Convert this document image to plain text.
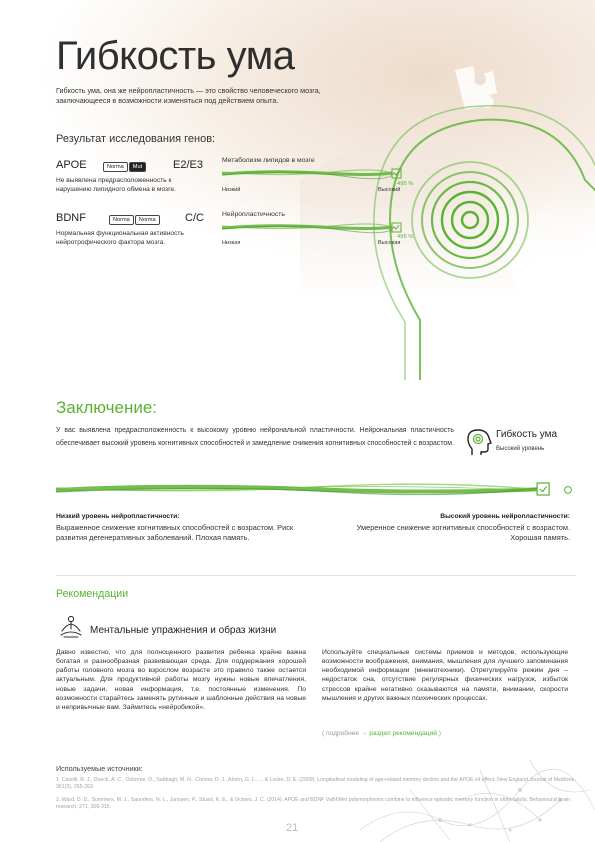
Гибкость ума
Гибкость ума, она же нейропластичность — это свойство человеческого мозга, заключающееся в возможности изменяться под действием опыта.
Результат исследования генов:
APOE	Norma Mut	E2/E3
Не выявлена предрасположенность к нарушению липидного обмена в мозге.
Метаболизм липидов в мозге
495 %
Низкий	Высокий
BDNF	Norma Norma	C/C
Нормальная функциональная активность нейротрофического фактора мозга.
Нейропластичность
495 %
Низкая	Высокая
Заключение:
У вас выявлена предрасположенность к высокому уровню нейрональной пластичности. Нейрональная пластичность обеспечивает высокий уровень когнитивных способностей и замедление снижения когнитивных способностей с возрастом.
Гибкость ума
Высокий уровень
Низкий уровень нейропластичности:
Выраженное снижение когнитивных способностей с возрастом. Риск развития дегенеративных заболеваний. Плохая память.
Высокий уровень нейропластичности:
Умеренное снижение когнитивных способностей с возрастом. Хорошая память.
Рекомендации
Ментальные упражнения и образ жизни
Давно известно, что для полноценного развития ребенка крайне важна богатая и разнообразная развивающая среда. Для поддержания хорошей работы головного мозга во взрослом возрасте это правило также остается актуальным. Для продуктивной работы мозгу нужны новые впечатления, новые задачи, новая информация, т.е. постоянные изменения. По возможности старайтесь заменять рутинные и шаблонные действия на новые и непривычные вам. Займитесь «нейробикой».
Используйте специальные системы приемов и методов, использующие возможности воображения, внимания, мышления для лучшего запоминания необходимой информации (мнемотехники). Отрегулируйте режим дня – недостаток сна, отсутствие регулярных физических нагрузок, избыток стрессов крайне негативно сказываются на памяти, внимании, скорости мышления и других важных психических процессах.
( подробнее → раздел рекомендаций )
Используемые источники:
1. Caselli, R. J., Dueck, A. C., Osborne, D., Sabbagh, M. N., Connor, D. J., Ahern, G. L., ... & Locke, D. E. (2009). Longitudinal modeling of age-related memory decline and the APOE ε4 effect. New England Journal of Medicine, 361(3), 255-263.
2. Ward, D. D., Summers, M. J., Saunders, N. L., Janssen, P., Stuart, K. E., & Vickers, J. C. (2014). APOE and BDNF Val66Met polymorphisms combine to influence episodic memory function in older adults. Behavioural brain research, 271, 309-315.
21
